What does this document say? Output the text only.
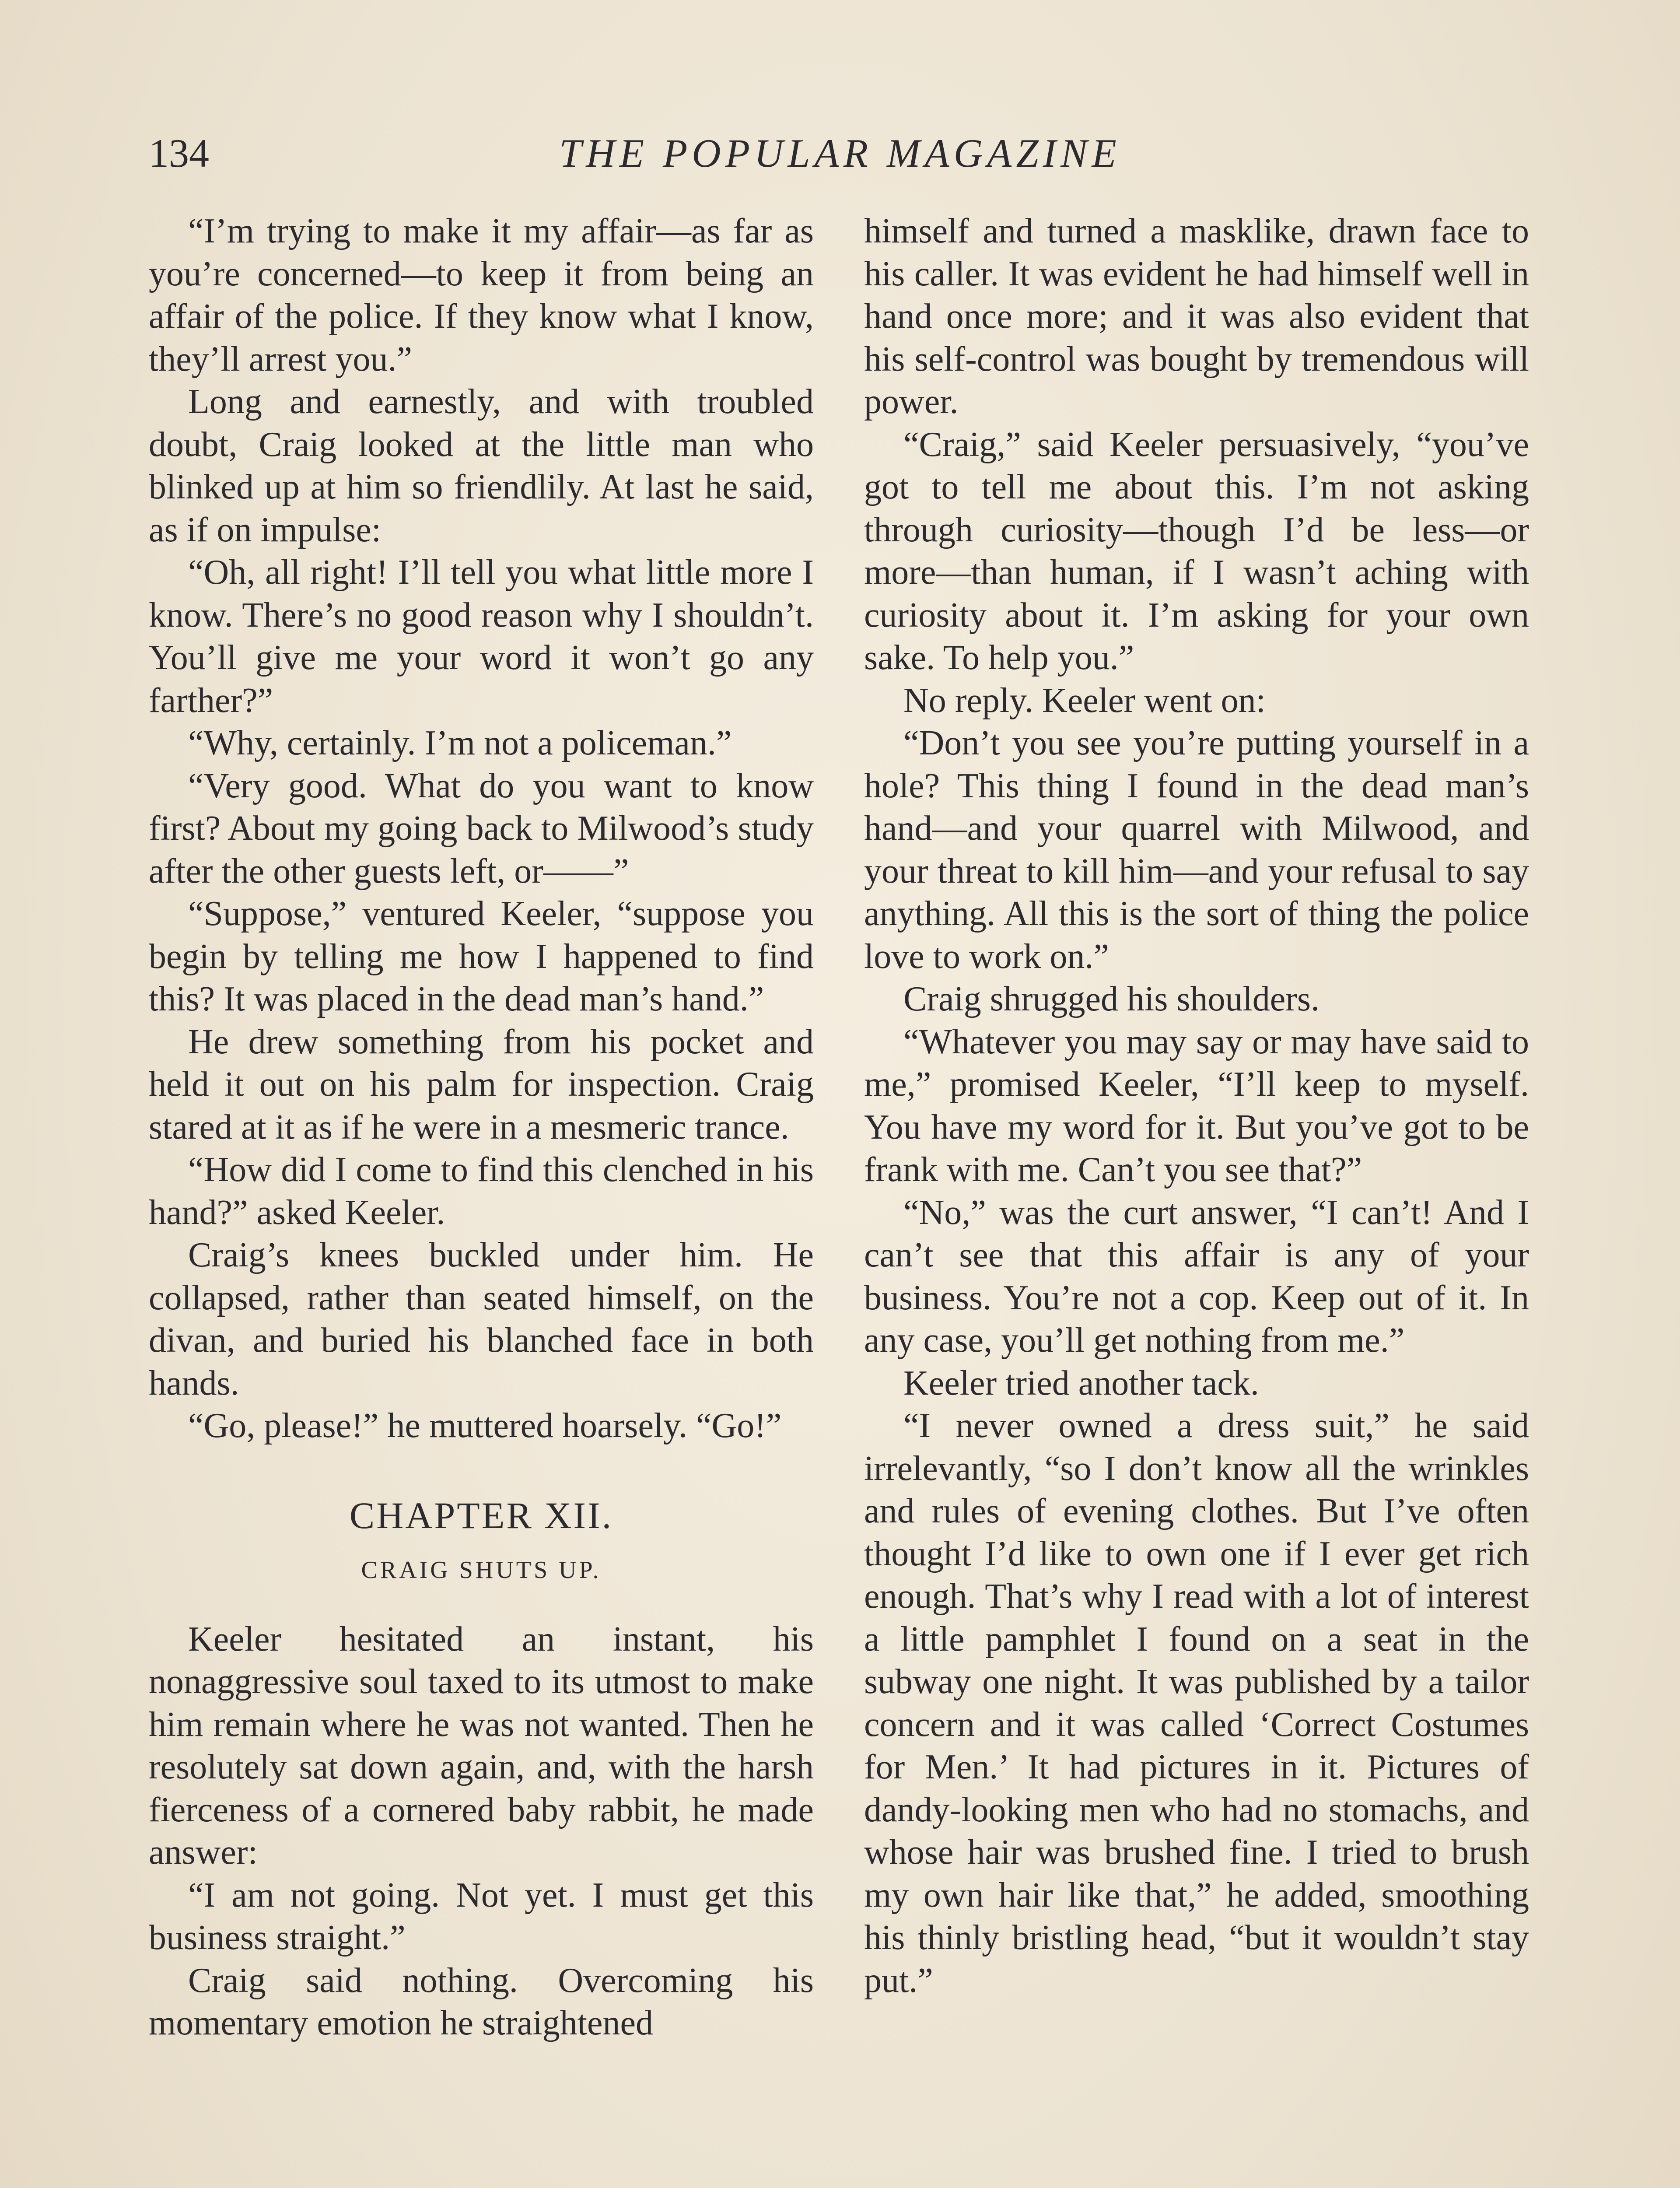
134	THE POPULAR MAGAZINE

“I’m trying to make it my affair—as far as you’re concerned—to keep it from being an affair of the police. If they know what I know, they’ll arrest you.”

Long and earnestly, and with troubled doubt, Craig looked at the little man who blinked up at him so friendlily. At last he said, as if on impulse:

“Oh, all right! I’ll tell you what little more I know. There’s no good reason why I shouldn’t. You’ll give me your word it won’t go any farther?”

“Why, certainly. I’m not a policeman.”

“Very good. What do you want to know first? About my going back to Milwood’s study after the other guests left, or——”

“Suppose,” ventured Keeler, “suppose you begin by telling me how I happened to find this? It was placed in the dead man’s hand.”

He drew something from his pocket and held it out on his palm for inspection. Craig stared at it as if he were in a mesmeric trance.

“How did I come to find this clenched in his hand?” asked Keeler.

Craig’s knees buckled under him. He collapsed, rather than seated himself, on the divan, and buried his blanched face in both hands.

“Go, please!” he muttered hoarsely. “Go!”

CHAPTER XII.
CRAIG SHUTS UP.

Keeler hesitated an instant, his nonaggressive soul taxed to its utmost to make him remain where he was not wanted. Then he resolutely sat down again, and, with the harsh fierceness of a cornered baby rabbit, he made answer:

“I am not going. Not yet. I must get this business straight.”

Craig said nothing. Overcoming his momentary emotion he straightened

himself and turned a masklike, drawn face to his caller. It was evident he had himself well in hand once more; and it was also evident that his self-control was bought by tremendous will power.

“Craig,” said Keeler persuasively, “you’ve got to tell me about this. I’m not asking through curiosity—though I’d be less—or more—than human, if I wasn’t aching with curiosity about it. I’m asking for your own sake. To help you.”

No reply. Keeler went on:

“Don’t you see you’re putting yourself in a hole? This thing I found in the dead man’s hand—and your quarrel with Milwood, and your threat to kill him—and your refusal to say anything. All this is the sort of thing the police love to work on.”

Craig shrugged his shoulders.

“Whatever you may say or may have said to me,” promised Keeler, “I’ll keep to myself. You have my word for it. But you’ve got to be frank with me. Can’t you see that?”

“No,” was the curt answer, “I can’t! And I can’t see that this affair is any of your business. You’re not a cop. Keep out of it. In any case, you’ll get nothing from me.”

Keeler tried another tack.

“I never owned a dress suit,” he said irrelevantly, “so I don’t know all the wrinkles and rules of evening clothes. But I’ve often thought I’d like to own one if I ever get rich enough. That’s why I read with a lot of interest a little pamphlet I found on a seat in the subway one night. It was published by a tailor concern and it was called ‘Correct Costumes for Men.’ It had pictures in it. Pictures of dandy-looking men who had no stomachs, and whose hair was brushed fine. I tried to brush my own hair like that,” he added, smoothing his thinly bristling head, “but it wouldn’t stay put.”
